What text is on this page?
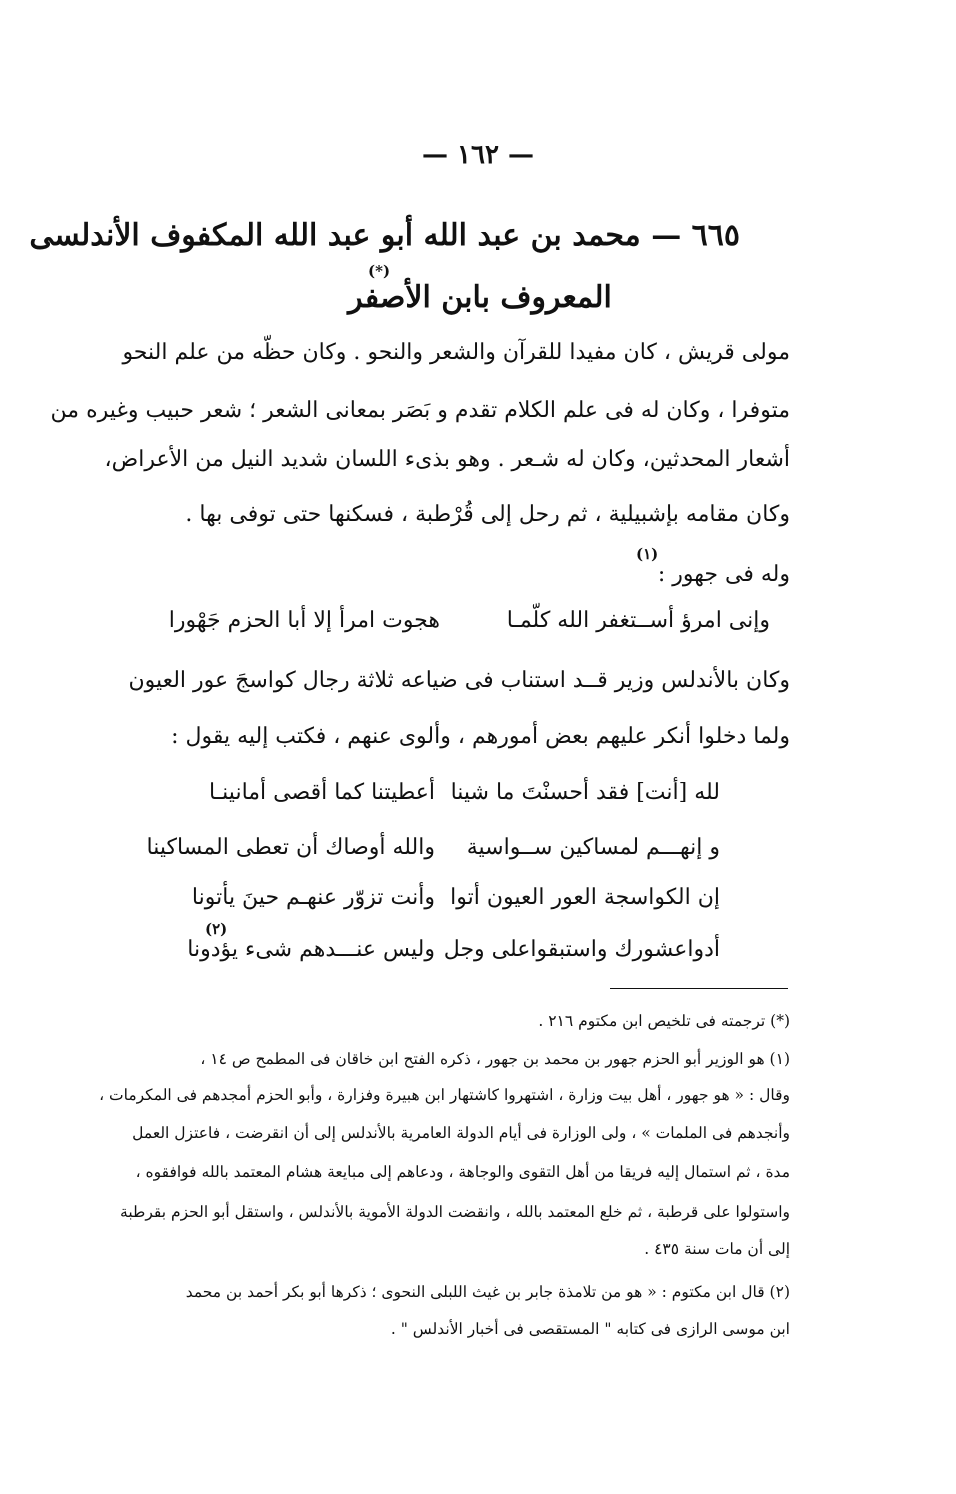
— ١٦٢ —
٦٦٥ — محمد بن عبد الله أبو عبد الله المكفوف الأندلسى
(*)
المعروف بابن الأصفر
مولى قريش ، كان مفيدا للقرآن والشعر والنحو . وكان حظّه من علم النحو
متوفرا ، وكان له فى علم الكلام تقدم و بَصَر بمعانى الشعر ؛ شعر حبيب وغيره من
أشعار المحدثين، وكان له شـعر . وهو بذىء اللسان شديد النيل من الأعراض،
وكان مقامه بإشبيلية ، ثم رحل إلى قُرْطبة ، فسكنها حتى توفى بها .
(١)
وله فى جهور :
وإنى امرؤ أســتغفر الله كلّمـا
هجوت امرأ إلا أبا الحزم جَهْورا
وكان بالأندلس وزير قــد استناب فى ضياعه ثلاثة رجال كواسجَ عور العيون
ولما دخلوا أنكر عليهم بعض أمورهم ، وألوى عنهم ، فكتب إليه يقول :
لله [أنت] فقد أحسنْتَ ما شينا
أعطيتنا كما أقصى أمانينـا
و إنهـــم لمساكين ســواسية
والله أوصاك أن تعطى المساكينا
إن الكواسجة العور العيون أتوا
وأنت تزوّر عنهـم حينَ يأتونا
(٢)
أدواعشورك واستبقواعلى وجل
وليس عنـــدهم شىء يؤدونا
(*) ترجمته فى تلخيص ابن مكتوم ٢١٦ .
(١) هو الوزير أبو الحزم جهور بن محمد بن جهور ، ذكره الفتح ابن خاقان فى المطمح ص ١٤ ،
وقال : « هو جهور ، أهل بيت وزارة ، اشتهروا كاشتهار ابن هبيرة وفزارة ، وأبو الحزم أمجدهم فى المكرمات ،
وأنجدهم فى الملمات » ، ولى الوزارة فى أيام الدولة العامرية بالأندلس إلى أن انقرضت ، فاعتزل العمل
مدة ، ثم استمال إليه فريقا من أهل التقوى والوجاهة ، ودعاهم إلى مبايعة هشام المعتمد بالله فوافقوه ،
واستولوا على قرطبة ، ثم خلع المعتمد بالله ، وانقضت الدولة الأموية بالأندلس ، واستقل أبو الحزم بقرطبة
إلى أن مات سنة ٤٣٥ .
(٢) قال ابن مكتوم : « هو من تلامذة جابر بن غيث اللبلى النحوى ؛ ذكرها أبو بكر أحمد بن محمد
ابن موسى الرازى فى كتابه " المستقصى فى أخبار الأندلس " .
